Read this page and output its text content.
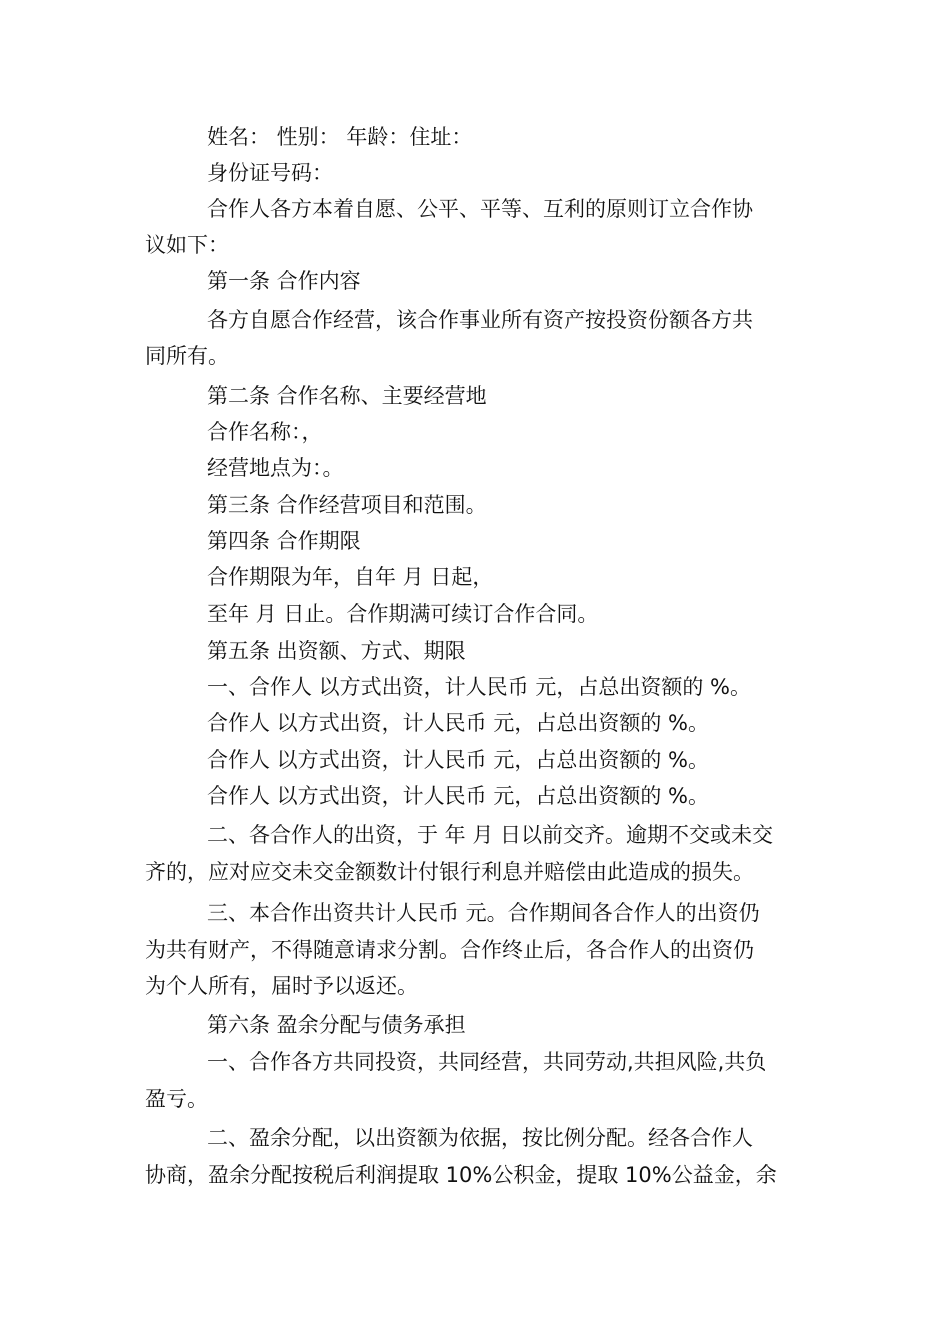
姓名： 性别： 年龄：住址：
身份证号码：
合作人各方本着自愿、公平、平等、互利的原则订立合作协
议如下：
第一条 合作内容
各方自愿合作经营，该合作事业所有资产按投资份额各方共
同所有。
第二条 合作名称、主要经营地
合作名称：，
经营地点为：。
第三条 合作经营项目和范围。
第四条 合作期限
合作期限为年，自年 月 日起，
至年 月 日止。合作期满可续订合作合同。
第五条 出资额、方式、期限
一、合作人 以方式出资，计人民币 元，占总出资额的 %。
合作人 以方式出资，计人民币 元，占总出资额的 %。
合作人 以方式出资，计人民币 元，占总出资额的 %。
合作人 以方式出资，计人民币 元，占总出资额的 %。
二、各合作人的出资，于 年 月 日以前交齐。逾期不交或未交
齐的，应对应交未交金额数计付银行利息并赔偿由此造成的损失。
三、本合作出资共计人民币 元。合作期间各合作人的出资仍
为共有财产，不得随意请求分割。合作终止后，各合作人的出资仍
为个人所有，届时予以返还。
第六条 盈余分配与债务承担
一、合作各方共同投资，共同经营，共同劳动,共担风险,共负
盈亏。
二、盈余分配，以出资额为依据，按比例分配。经各合作人
协商，盈余分配按税后利润提取 10%公积金，提取 10%公益金，余
